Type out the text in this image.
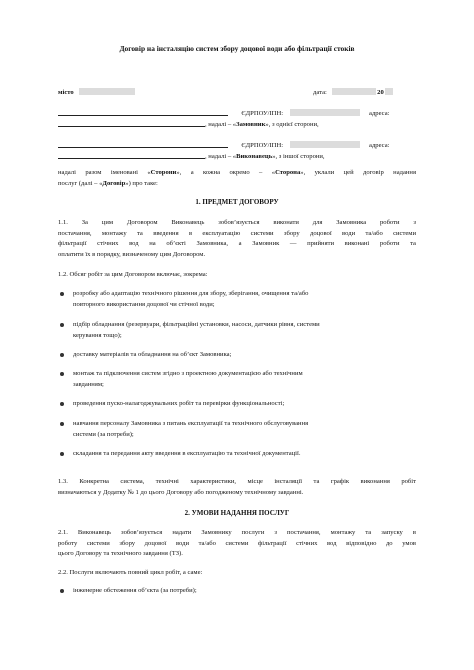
Договір на інсталяцію систем збору доцової води або фільтрації стоків
місто	дата:	20
ЄДРПОУ/ІПН:	адреса:
, надалі – «Замовник», з однієї сторони,
ЄДРПОУ/ІПН:	адреса:
, надалі – «Виконавець», з іншої сторони,
надалі разом іменовані «Сторони», а кожна окремо – «Сторона», уклали цей договір надання
послуг (далі – «Договір») про таке:
1. ПРЕДМЕТ ДОГОВОРУ
1.1. За цим Договором Виконавець зобов’язується виконати для Замовника роботи з
постачання, монтажу та введення в експлуатацію системи збору доцової води та/або системи
фільтрації стічних вод на об’єкті Замовника, а Замовник — прийняти виконані роботи та
оплатити їх в порядку, визначеному цим Договором.
1.2. Обсяг робіт за цим Договором включає, зокрема:
розробку або адаптацію технічного рішення для збору, зберігання, очищення та/або
повторного використання доцової чи стічної води;
підбір обладнання (резервуари, фільтраційні установки, насоси, датчики рівня, системи
керування тощо);
доставку матеріалів та обладнання на об’єкт Замовника;
монтаж та підключення систем згідно з проектною документацією або технічним
завданням;
проведення пуско-налагоджувальних робіт та перевірки функціональності;
навчання персоналу Замовника з питань експлуатації та технічного обслуговування
системи (за потреби);
складання та передання акту введення в експлуатацію та технічної документації.
1.3. Конкретна система, технічні характеристики, місце інсталяції та графік виконання робіт
визначаються у Додатку № 1 до цього Договору або погодженому технічному завданні.
2. УМОВИ НАДАННЯ ПОСЛУГ
2.1. Виконавець зобов’язується надати Замовнику послуги з постачання, монтажу та запуску в
роботу системи збору доцової води та/або системи фільтрації стічних вод відповідно до умов
цього Договору та технічного завдання (ТЗ).
2.2. Послуги включають повний цикл робіт, а саме:
інженерне обстеження об’єкта (за потреби);
